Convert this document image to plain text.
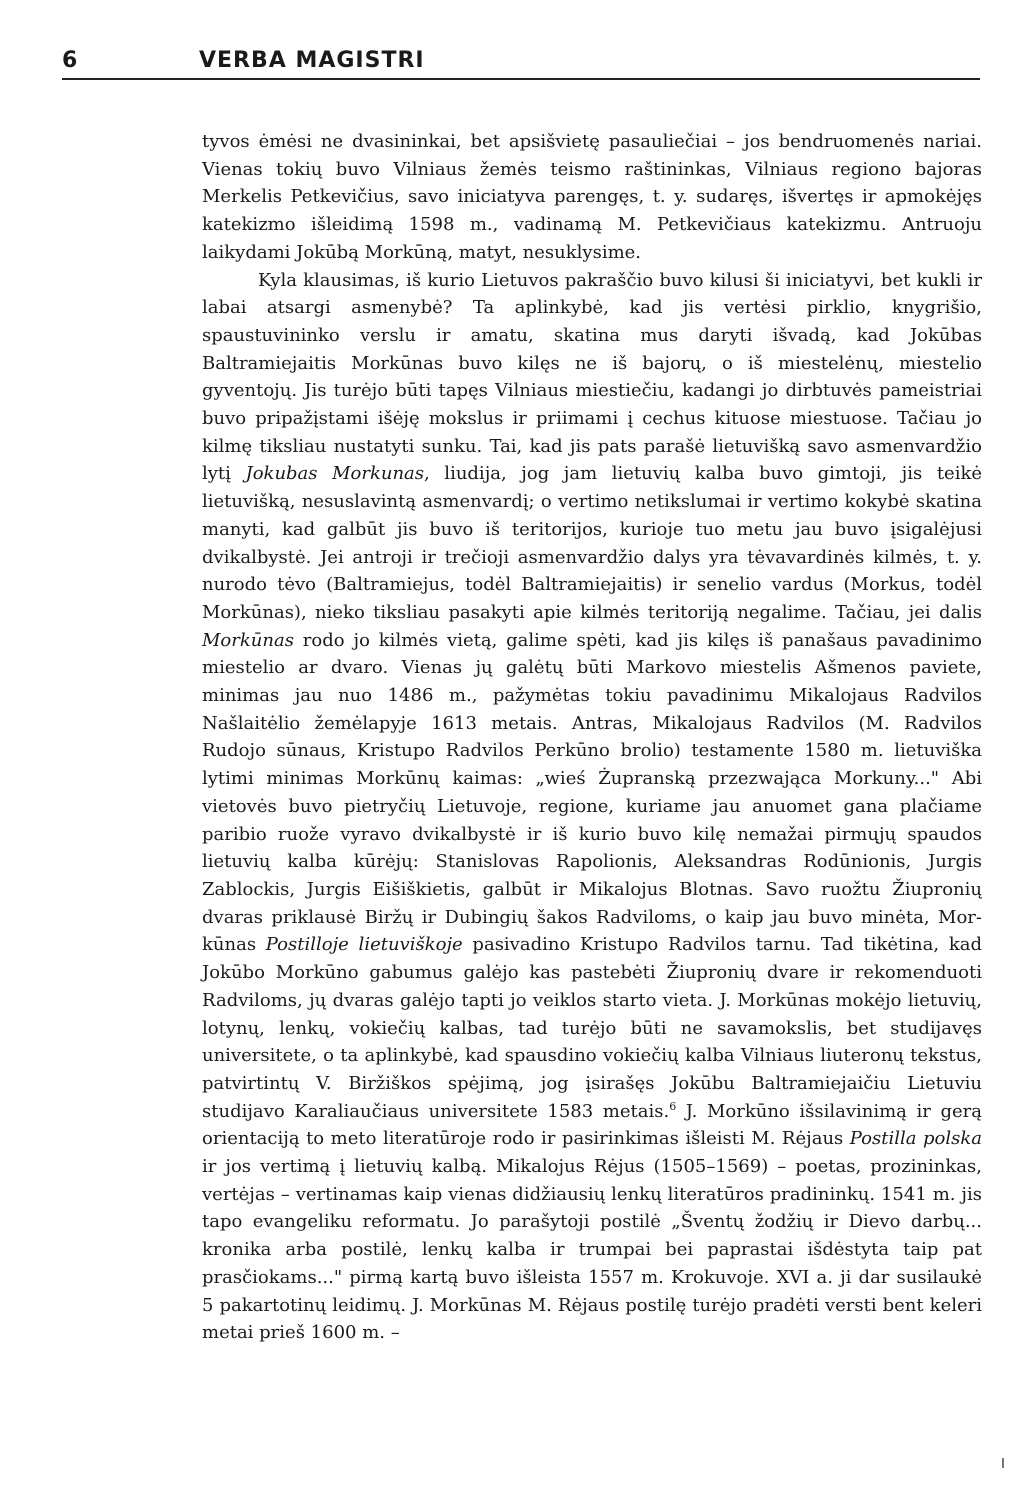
6	VERBA MAGISTRI

tyvos ėmėsi ne dvasininkai, bet apsišvietę pasauliečiai – jos bendruomenės nariai. Vienas tokių buvo Vilniaus žemės teismo raštininkas, Vilniaus regiono bajoras Merkelis Petkevičius, savo iniciatyva parengęs, t. y. sudaręs, išvertęs ir apmokėjęs katekizmo išleidimą 1598 m., vadinamą M. Petkevičiaus katekizmu. Antruoju laikydami Jokūbą Morkūną, matyt, nesuklysime.

Kyla klausimas, iš kurio Lietuvos pakraščio buvo kilusi ši iniciatyvi, bet kukli ir labai atsargi asmenybė? Ta aplinkybė, kad jis vertėsi pirklio, knygrišio, spaustuvininko verslu ir amatu, skatina mus daryti išvadą, kad Jokūbas Baltramiejaitis Morkūnas buvo kilęs ne iš bajorų, o iš miestelėnų, miestelio gyventojų. Jis turėjo būti tapęs Vilniaus miestiečiu, kadangi jo dirbtuvės pameistriai buvo pripažįstami išėję mokslus ir priimami į cechus kituose miestuose. Tačiau jo kilmę tiksliau nustatyti sunku. Tai, kad jis pats parašė lietuvišką savo asmenvardžio lytį Jokubas Morkunas, liudija, jog jam lietuvių kalba buvo gimtoji, jis teikė lietuvišką, nesuslavintą asmenvardį; o vertimo netikslumai ir vertimo kokybė skatina manyti, kad galbūt jis buvo iš teritorijos, kurioje tuo metu jau buvo įsigalėjusi dvikalbystė. Jei antroji ir trečioji asmenvardžio dalys yra tėvavardinės kilmės, t. y. nurodo tėvo (Baltramiejus, todėl Baltramiejaitis) ir senelio vardus (Morkus, todėl Morkūnas), nieko tiksliau pasakyti apie kilmės teritoriją negalime. Tačiau, jei dalis Morkūnas rodo jo kilmės vietą, galime spėti, kad jis kilęs iš panašaus pavadinimo miestelio ar dvaro. Vienas jų galėtų būti Markovo miestelis Ašmenos paviete, minimas jau nuo 1486 m., pažymėtas tokiu pavadinimu Mikalojaus Radvilos Našlaitėlio žemėlapyje 1613 metais. Antras, Mikalojaus Radvilos (M. Radvilos Rudojo sūnaus, Kristupo Radvilos Perkūno brolio) testamente 1580 m. lietuviška lytimi minimas Morkūnų kaimas: „wieś Żupranską przezwająca Morkuny..." Abi vietovės buvo pietryčių Lietuvoje, regione, kuriame jau anuomet gana plačiame paribio ruože vyravo dvikalbystė ir iš kurio buvo kilę nemažai pirmųjų spaudos lietuvių kalba kūrėjų: Stanislovas Rapolionis, Aleksandras Rodūnionis, Jurgis Zablockis, Jurgis Eišiškietis, galbūt ir Mikalojus Blotnas. Savo ruožtu Žiupronių dvaras priklausė Biržų ir Dubingių šakos Radviloms, o kaip jau buvo minėta, Morkūnas Postilloje lietuviškoje pasivadino Kristupo Radvilos tarnu. Tad tikėtina, kad Jokūbo Morkūno gabumus galėjo kas pastebėti Žiupronių dvare ir rekomenduoti Radviloms, jų dvaras galėjo tapti jo veiklos starto vieta. J. Morkūnas mokėjo lietuvių, lotynų, lenkų, vokiečių kalbas, tad turėjo būti ne savamokslis, bet studijavęs universitete, o ta aplinkybė, kad spausdino vokiečių kalba Vilniaus liuteronų tekstus, patvirtintų V. Biržiškos spėjimą, jog įsirašęs Jokūbu Baltramiejaičiu Lietuviu studijavo Karaliaučiaus universitete 1583 metais.$^6$ J. Morkūno išsilavinimą ir gerą orientaciją to meto literatūroje rodo ir pasirinkimas išleisti M. Rėjaus Postilla polska ir jos vertimą į lietuvių kalbą. Mikalojus Rėjus (1505–1569) – poetas, prozininkas, vertėjas – vertinamas kaip vienas didžiausių lenkų literatūros pradininkų. 1541 m. jis tapo evangeliku reformatu. Jo parašytoji postilė „Šventų žodžių ir Dievo darbų... kronika arba postilė, lenkų kalba ir trumpai bei paprastai išdėstyta taip pat prasčiokams..." pirmą kartą buvo išleista 1557 m. Krokuvoje. XVI a. ji dar susilaukė 5 pakartotinų leidimų. J. Morkūnas M. Rėjaus postilę turėjo pradėti versti bent keleri metai prieš 1600 m. –
